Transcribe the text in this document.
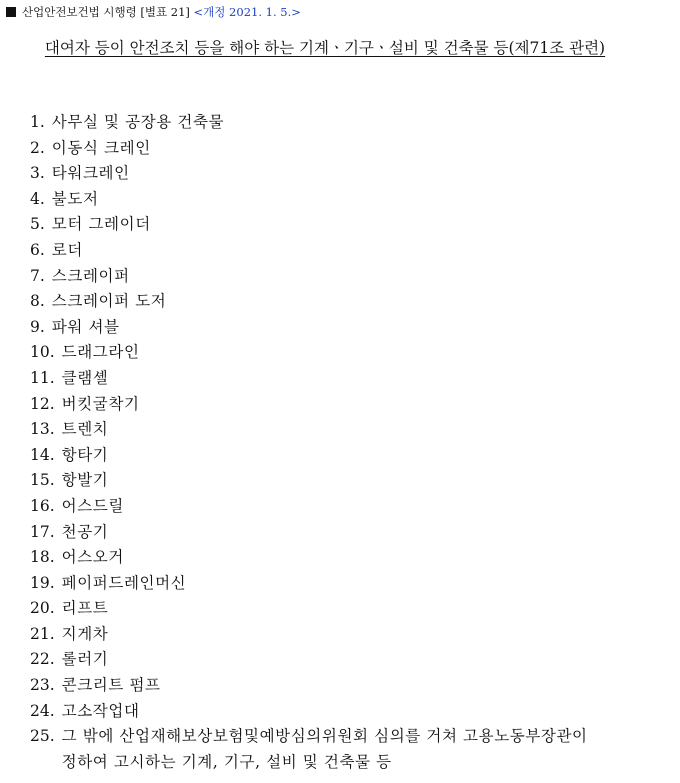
산업안전보건법 시행령 [별표 21] <개정 2021. 1. 5.>
대여자 등이 안전조치 등을 해야 하는 기계ㆍ기구ㆍ설비 및 건축물 등(제71조 관련)
1. 사무실 및 공장용 건축물
2. 이동식 크레인
3. 타워크레인
4. 불도저
5. 모터 그레이더
6. 로더
7. 스크레이퍼
8. 스크레이퍼 도저
9. 파워 셔블
10. 드래그라인
11. 클램셸
12. 버킷굴착기
13. 트렌치
14. 항타기
15. 항발기
16. 어스드릴
17. 천공기
18. 어스오거
19. 페이퍼드레인머신
20. 리프트
21. 지게차
22. 롤러기
23. 콘크리트 펌프
24. 고소작업대
25. 그 밖에 산업재해보상보험및예방심의위원회 심의를 거쳐 고용노동부장관이
정하여 고시하는 기계, 기구, 설비 및 건축물 등
